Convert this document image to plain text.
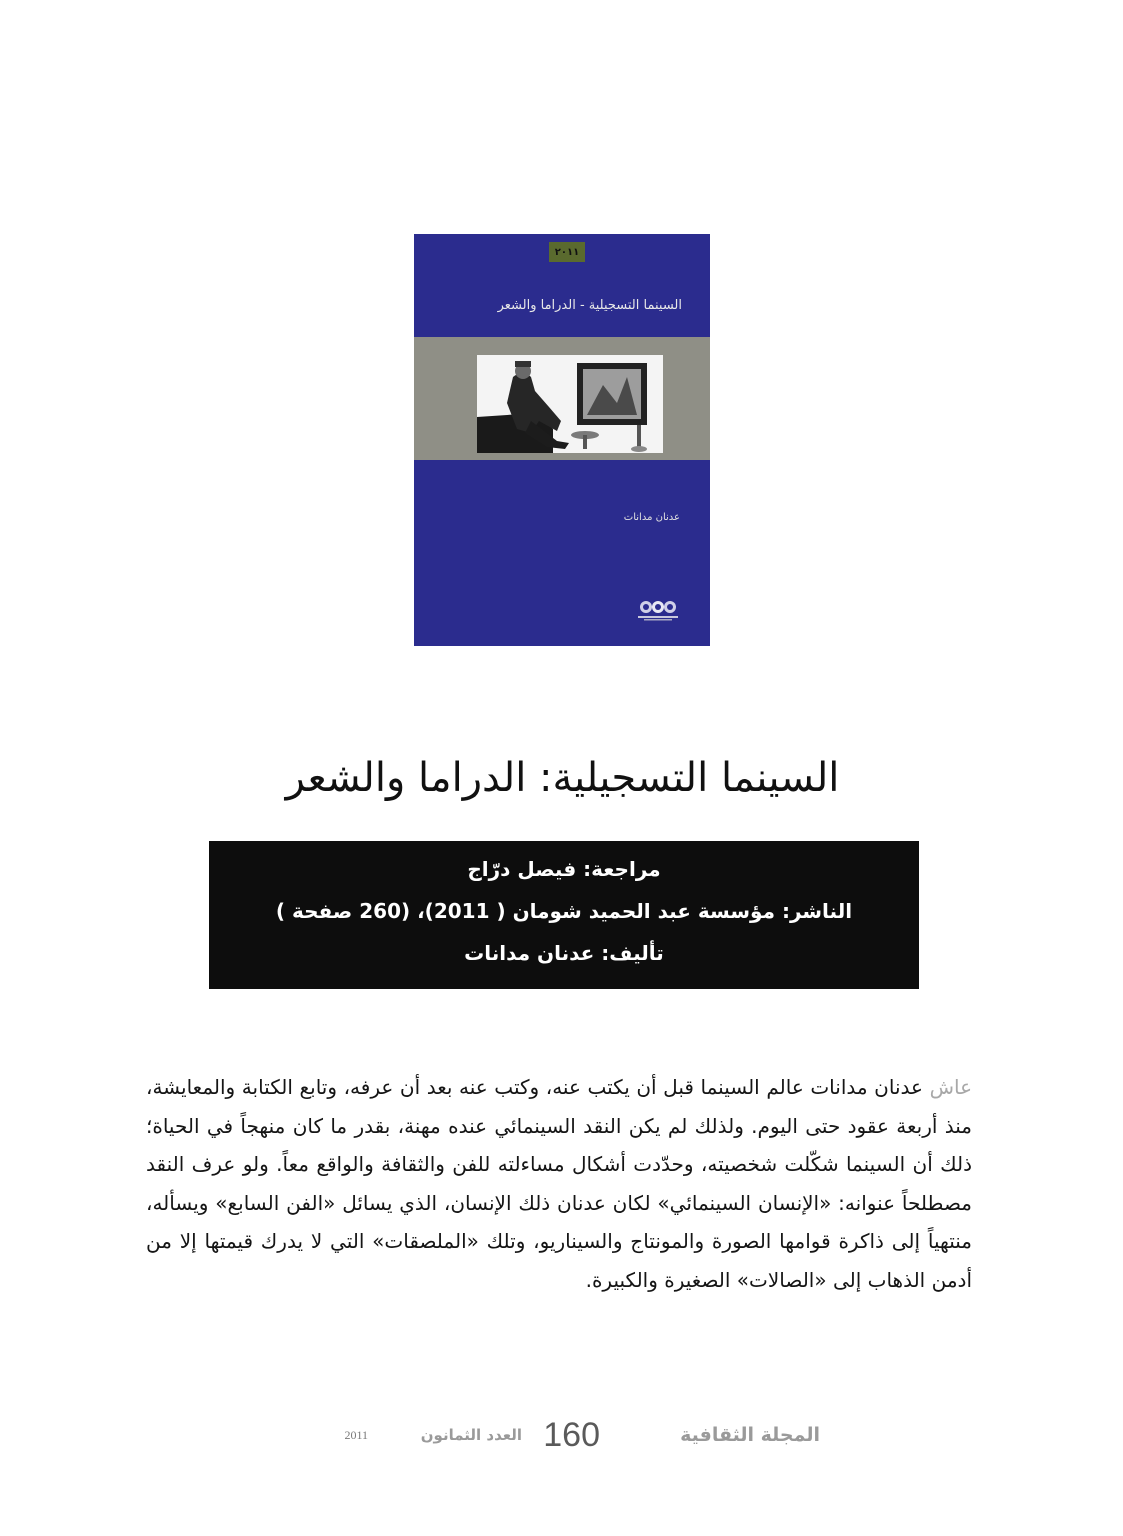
٢٠١١
السينما التسجيلية - الدراما والشعر
عدنان مدانات
السينما التسجيلية: الدراما والشعر
مراجعة: فيصل درّاج
الناشر: مؤسسة عبد الحميد شومان ( 2011)، (260 صفحة )
تأليف: عدنان مدانات
عاش عدنان مدانات عالم السينما قبل أن يكتب عنه، وكتب عنه بعد أن عرفه، وتابع الكتابة والمعايشة، منذ أربعة عقود حتى اليوم. ولذلك لم يكن النقد السينمائي عنده مهنة، بقدر ما كان منهجاً في الحياة؛ ذلك أن السينما شكّلت شخصيته، وحدّدت أشكال مساءلته للفن والثقافة والواقع معاً. ولو عرف النقد مصطلحاً عنوانه: «الإنسان السينمائي» لكان عدنان ذلك الإنسان، الذي يسائل «الفن السابع» ويسأله، منتهياً إلى ذاكرة قوامها الصورة والمونتاج والسيناريو، وتلك «الملصقات» التي لا يدرك قيمتها إلا من أدمن الذهاب إلى «الصالات» الصغيرة والكبيرة.
المجلة الثقافية
160
العدد الثمانون
2011
